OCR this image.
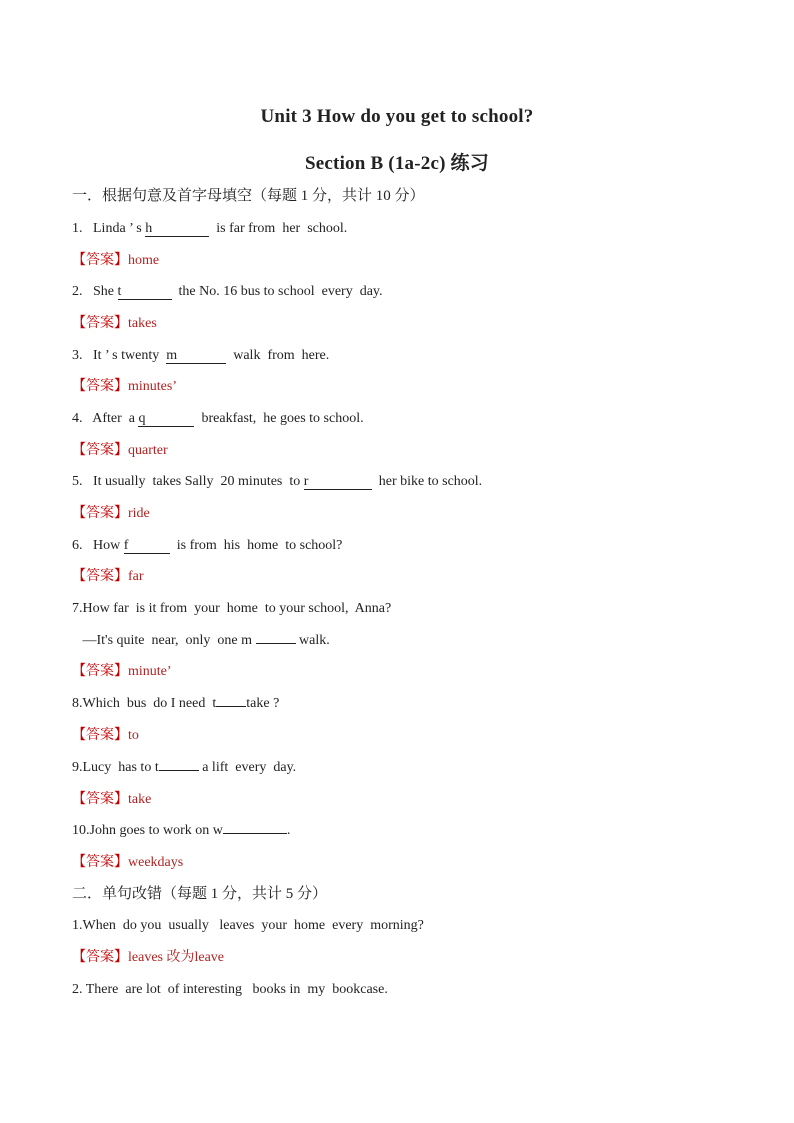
Unit 3 How do you get to school?
Section B (1a-2c) 练习
一．根据句意及首字母填空（每题 1 分，共计 10 分）
1.   Linda ’ s h	is far from  her  school.
【答案】home
2.   She t	the No. 16 bus to school  every  day.
【答案】takes
3.   It ’ s twenty  m	walk  from  here.
【答案】minutes’
4.   After  a q	breakfast,  he goes to school.
【答案】quarter
5.   It usually  takes Sally  20 minutes  to r	her bike to school.
【答案】ride
6.   How f	is from  his  home  to school?
【答案】far
7.How far  is it from  your  home  to your school,  Anna?
—It's quite  near,  only  one m	walk.
【答案】minute’
8.Which  bus  do I need  t take ?
【答案】to
9.Lucy  has to t	a lift  every  day.
【答案】take
10.John goes to work on w	.
【答案】weekdays
二．单句改错（每题 1 分，共计 5 分）
1.When  do you  usually   leaves  your  home  every  morning?
【答案】leaves 改为leave
2. There  are lot  of interesting   books in  my  bookcase.
